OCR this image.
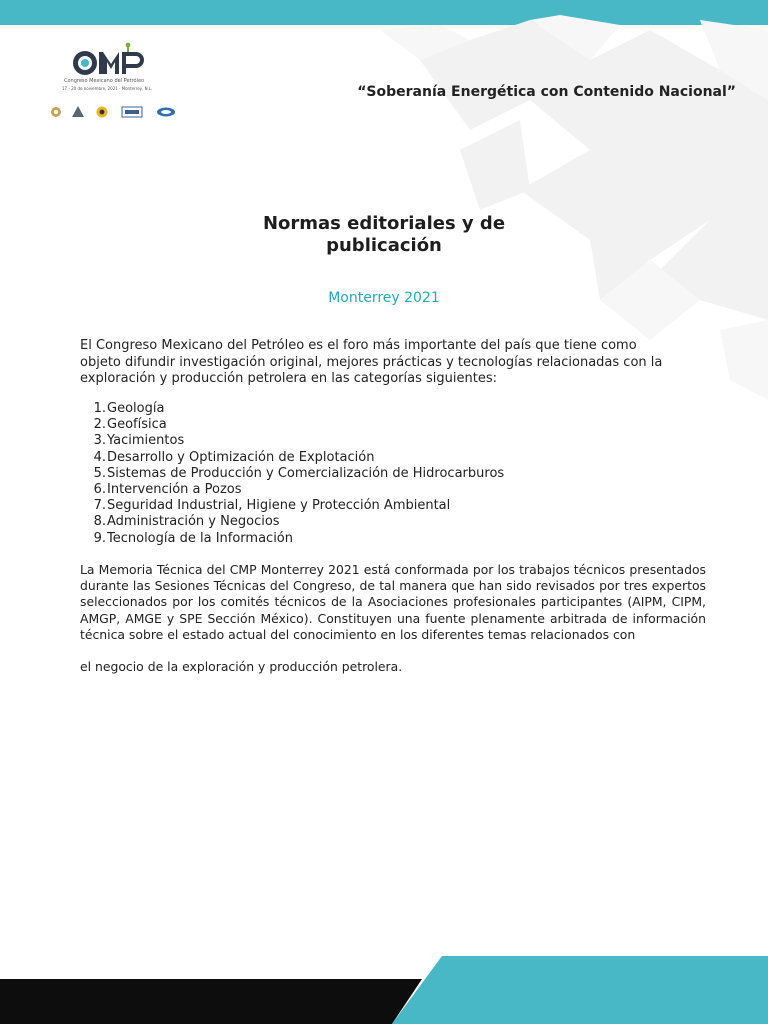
Congreso Mexicano del Petróleo
17 - 20 de noviembre, 2021 · Monterrey, N.L.	“Soberanía Energética con Contenido Nacional”
Normas editoriales y de
publicación
Monterrey 2021

El Congreso Mexicano del Petróleo es el foro más importante del país que tiene como objeto difundir investigación original, mejores prácticas y tecnologías relacionadas con la exploración y producción petrolera en las categorías siguientes:

1. Geología
2. Geofísica
3. Yacimientos
4. Desarrollo y Optimización de Explotación
5. Sistemas de Producción y Comercialización de Hidrocarburos
6. Intervención a Pozos
7. Seguridad Industrial, Higiene y Protección Ambiental
8. Administración y Negocios
9. Tecnología de la Información

La Memoria Técnica del CMP Monterrey 2021 está conformada por los trabajos técnicos presentados durante las Sesiones Técnicas del Congreso, de tal manera que han sido revisados por tres expertos seleccionados por los comités técnicos de la Asociaciones profesionales participantes (AIPM, CIPM, AMGP, AMGE y SPE Sección México). Constituyen una fuente plenamente arbitrada de información técnica sobre el estado actual del conocimiento en los diferentes temas relacionados con

el negocio de la exploración y producción petrolera.
